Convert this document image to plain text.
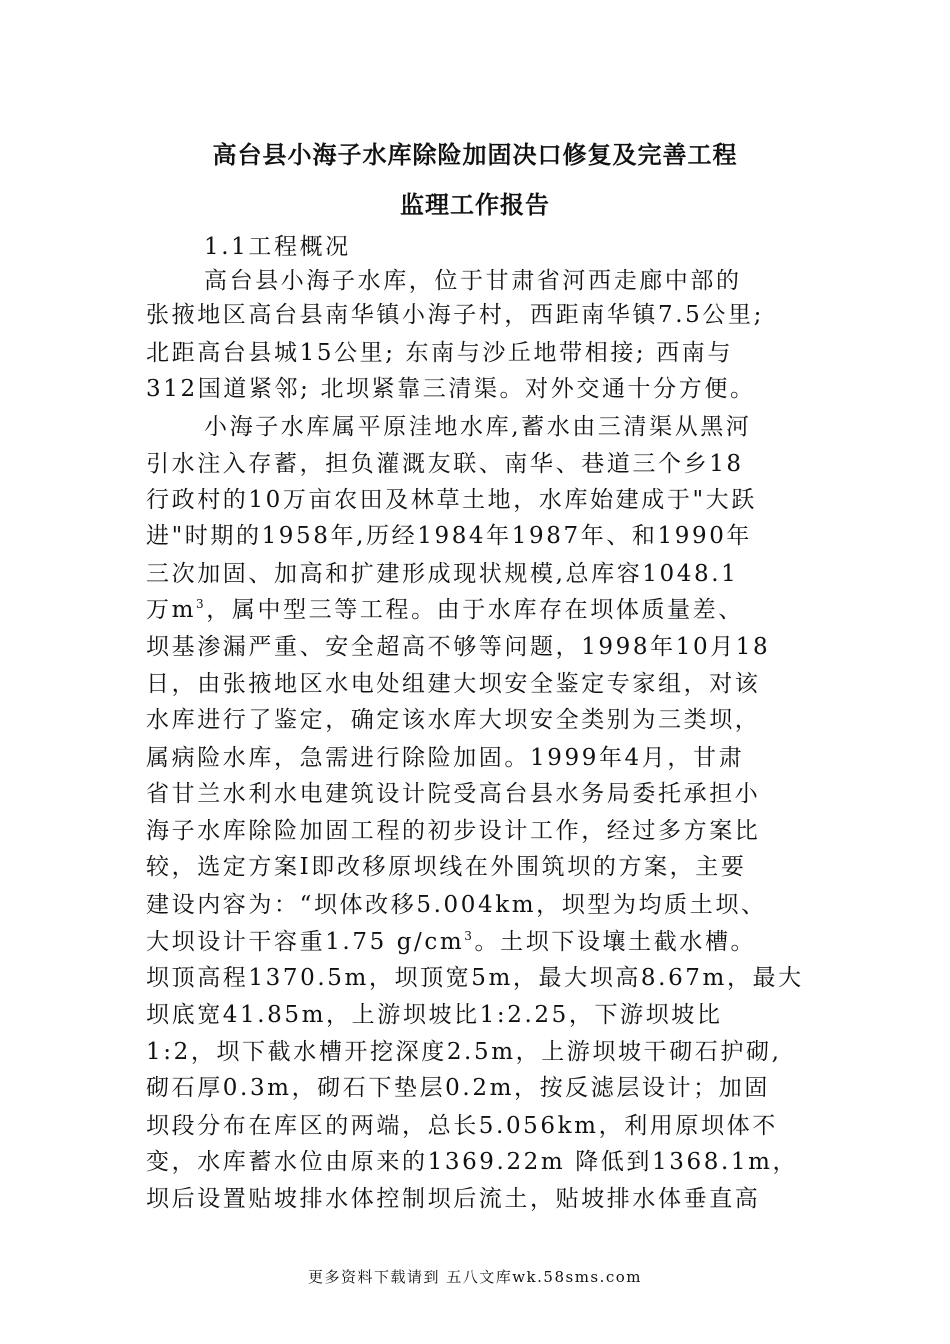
高台县小海子水库除险加固决口修复及完善工程
监理工作报告
1.1工程概况
高台县小海子水库，位于甘肃省河西走廊中部的
张掖地区高台县南华镇小海子村，西距南华镇7.5公里;
北距高台县城15公里; 东南与沙丘地带相接; 西南与
312国道紧邻; 北坝紧靠三清渠。对外交通十分方便。
小海子水库属平原洼地水库,蓄水由三清渠从黑河
引水注入存蓄，担负灌溉友联、南华、巷道三个乡18
行政村的10万亩农田及林草土地，水库始建成于"大跃
进"时期的1958年,历经1984年1987年、和1990年
三次加固、加高和扩建形成现状规模,总库容1048.1
万$m^3$，属中型三等工程。由于水库存在坝体质量差、
坝基渗漏严重、安全超高不够等问题，1998年10月18
日，由张掖地区水电处组建大坝安全鉴定专家组，对该
水库进行了鉴定，确定该水库大坝安全类别为三类坝，
属病险水库，急需进行除险加固。1999年4月，甘肃
省甘兰水利水电建筑设计院受高台县水务局委托承担小
海子水库除险加固工程的初步设计工作，经过多方案比
较，选定方案I即改移原坝线在外围筑坝的方案，主要
建设内容为：“坝体改移5.004km，坝型为均质土坝、
大坝设计干容重1.75 $g/cm^3$。土坝下设壤土截水槽。
坝顶高程1370.5m，坝顶宽5m，最大坝高8.67m，最大
坝底宽41.85m，上游坝坡比1:2.25，下游坝坡比
1:2，坝下截水槽开挖深度2.5m，上游坝坡干砌石护砌,
砌石厚0.3m，砌石下垫层0.2m，按反滤层设计；加固
坝段分布在库区的两端，总长5.056km，利用原坝体不
变，水库蓄水位由原来的1369.22m 降低到1368.1m，
坝后设置贴坡排水体控制坝后流土，贴坡排水体垂直高
更多资料下载请到 五八文库wk.58sms.com
